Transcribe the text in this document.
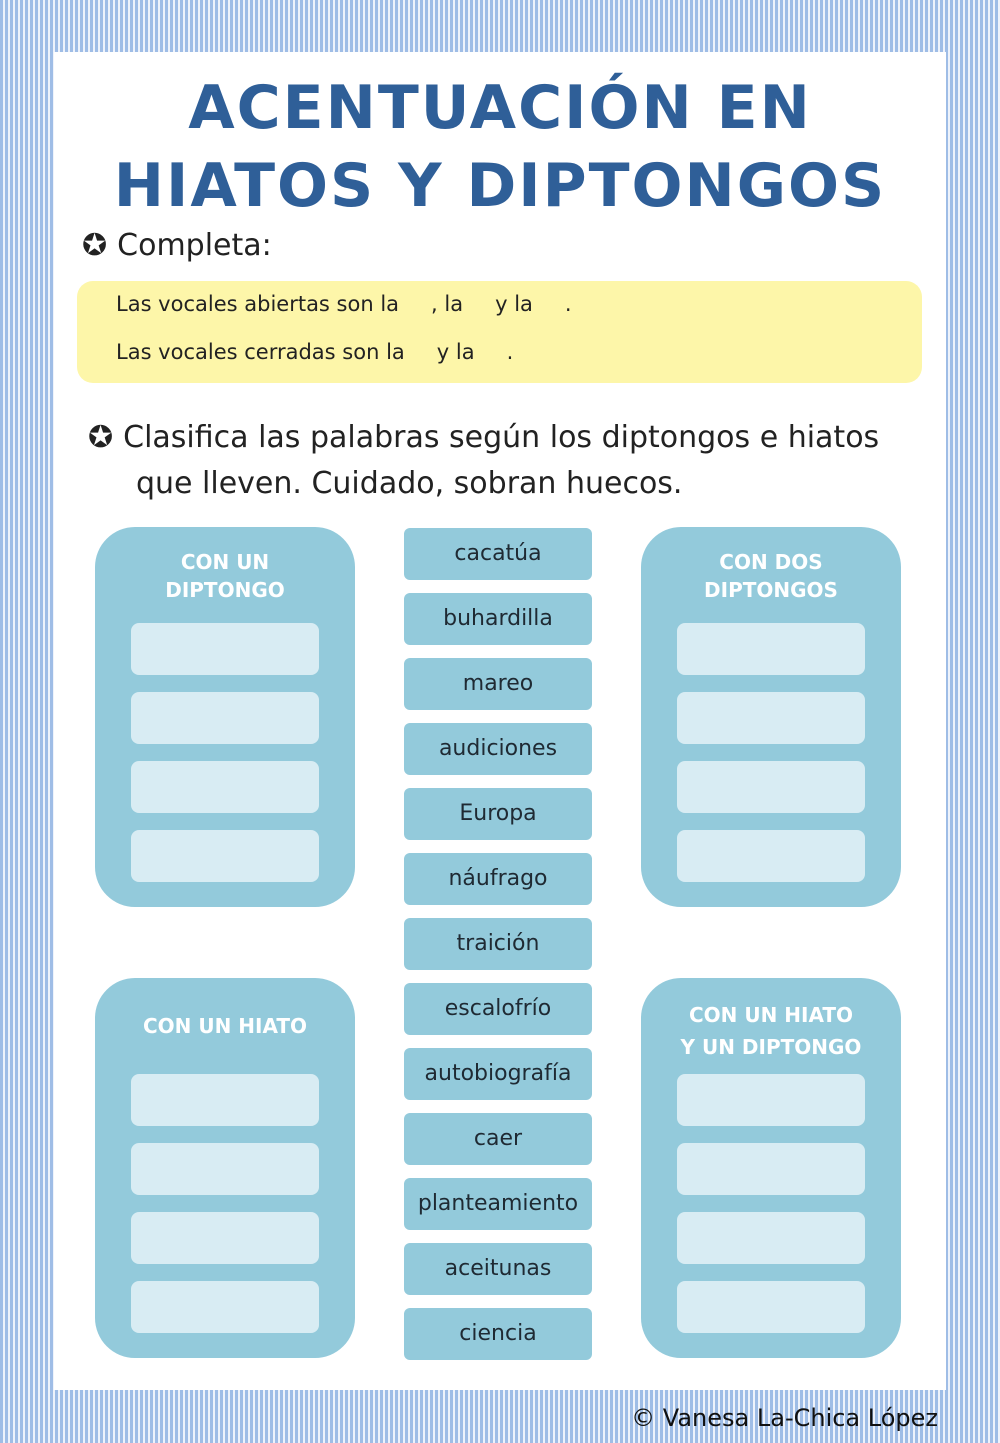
ACENTUACIÓN EN
HIATOS Y DIPTONGOS
✪ Completa:
Las vocales abiertas son la , la y la .
Las vocales cerradas son la y la .
✪ Clasifica las palabras según los diptongos e hiatos
que lleven. Cuidado, sobran huecos.
CON UN
DIPTONGO
CON DOS
DIPTONGOS
CON UN HIATO	CON UN HIATO
Y UN DIPTONGO
cacatúa
buhardilla
mareo
audiciones
Europa
náufrago
traición
escalofrío
autobiografía
caer
planteamiento
aceitunas
ciencia
© Vanesa La-Chica López
